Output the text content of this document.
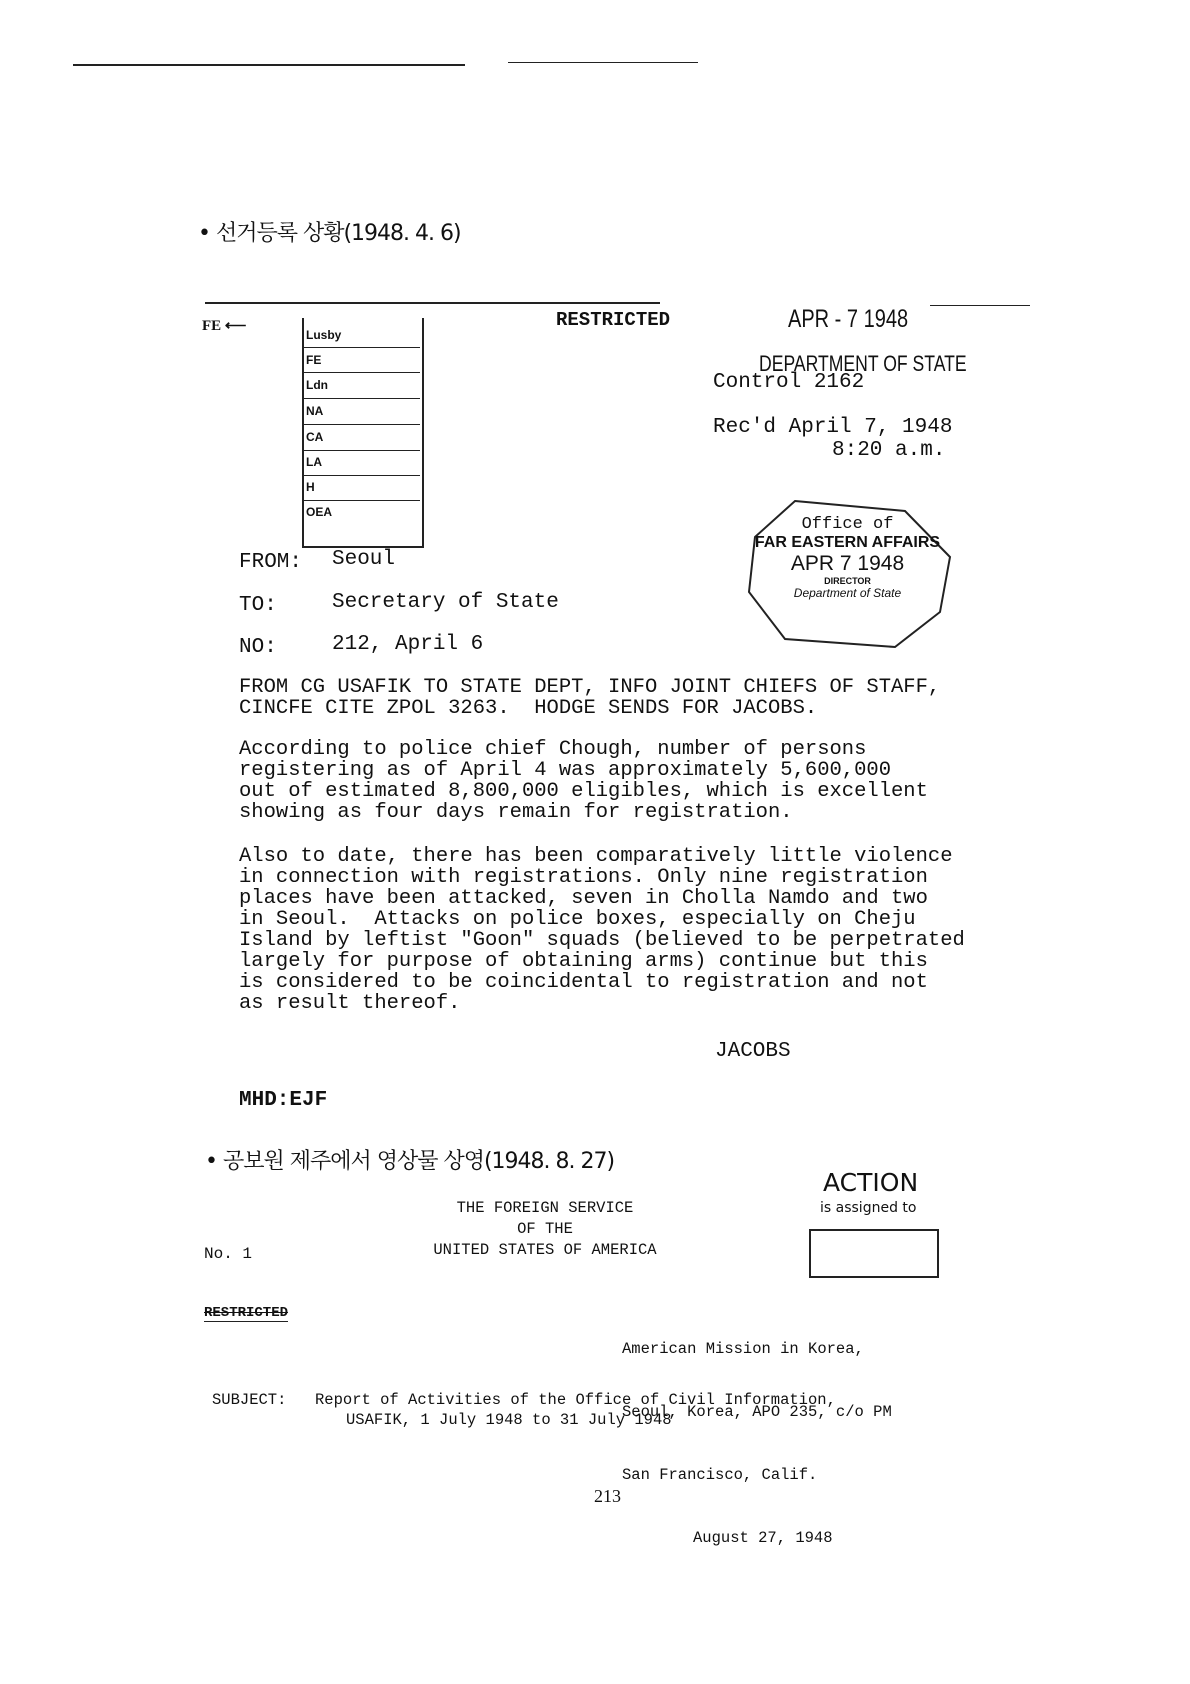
• 선거등록 상황(1948. 4. 6)
RESTRICTED	APR - 7 1948
DEPARTMENT OF STATE
Control 2162
Rec'd April 7, 1948
8:20 a.m.
FE ⟵
Lusby
FE
Ldn
NA
CA
LA
H
OEA
Office of
FAR EASTERN AFFAIRS
APR 7 1948
DIRECTOR
Department of State
FROM: Seoul
TO:	Secretary of State
NO:	212, April 6
FROM CG USAFIK TO STATE DEPT, INFO JOINT CHIEFS OF STAFF,
CINCFE CITE ZPOL 3263.  HODGE SENDS FOR JACOBS.
According to police chief Chough, number of persons
registering as of April 4 was approximately 5,600,000
out of estimated 8,800,000 eligibles, which is excellent
showing as four days remain for registration.
Also to date, there has been comparatively little violence
in connection with registrations. Only nine registration
places have been attacked, seven in Cholla Namdo and two
in Seoul.  Attacks on police boxes, especially on Cheju
Island by leftist "Goon" squads (believed to be perpetrated
largely for purpose of obtaining arms) continue but this
is considered to be coincidental to registration and not
as result thereof.
JACOBS
MHD:EJF
• 공보원 제주에서 영상물 상영(1948. 8. 27)
ACTION
is assigned to
THE FOREIGN SERVICE
OF THE
UNITED STATES OF AMERICA
No. 1
RESTRICTED

American Mission in Korea,

Seoul, Korea, APO 235, c/o PM

San Francisco, Calif.

August 27, 1948

SUBJECT: Report of Activities of the Office of Civil Information,
USAFIK, 1 July 1948 to 31 July 1948
213
